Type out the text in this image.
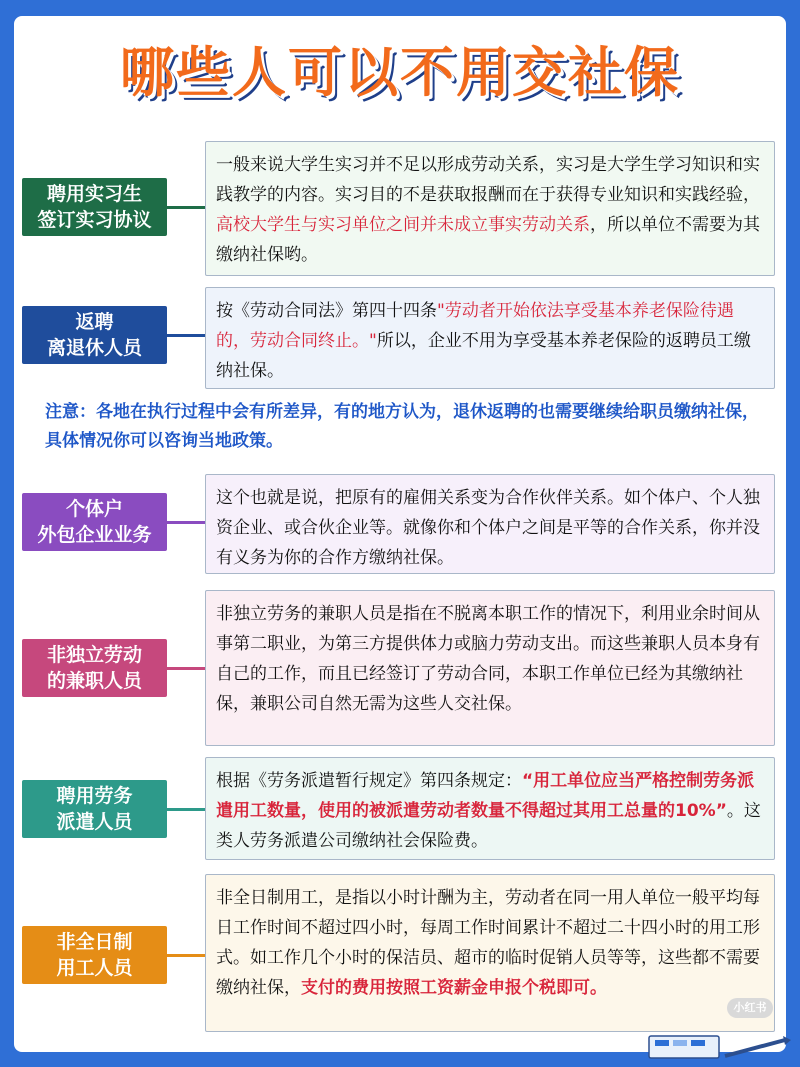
哪些人可以不用交社保
聘用实习生
签订实习协议
一般来说大学生实习并不足以形成劳动关系，实习是大学生学习知识和实践教学的内容。实习目的不是获取报酬而在于获得专业知识和实践经验，高校大学生与实习单位之间并未成立事实劳动关系，所以单位不需要为其缴纳社保哟。
返聘
离退休人员
按《劳动合同法》第四十四条"劳动者开始依法享受基本养老保险待遇的，劳动合同终止。"所以，企业不用为享受基本养老保险的返聘员工缴纳社保。
注意：各地在执行过程中会有所差异，有的地方认为，退休返聘的也需要继续给职员缴纳社保，具体情况你可以咨询当地政策。
个体户
外包企业业务
这个也就是说，把原有的雇佣关系变为合作伙伴关系。如个体户、个人独资企业、或合伙企业等。就像你和个体户之间是平等的合作关系，你并没有义务为你的合作方缴纳社保。
非独立劳动
的兼职人员
非独立劳务的兼职人员是指在不脱离本职工作的情况下，利用业余时间从事第二职业，为第三方提供体力或脑力劳动支出。而这些兼职人员本身有自己的工作，而且已经签订了劳动合同，本职工作单位已经为其缴纳社保，兼职公司自然无需为这些人交社保。
聘用劳务
派遣人员
根据《劳务派遣暂行规定》第四条规定：“用工单位应当严格控制劳务派遣用工数量，使用的被派遣劳动者数量不得超过其用工总量的10%”。这类人劳务派遣公司缴纳社会保险费。
非全日制
用工人员
非全日制用工，是指以小时计酬为主，劳动者在同一用人单位一般平均每日工作时间不超过四小时，每周工作时间累计不超过二十四小时的用工形式。如工作几个小时的保洁员、超市的临时促销人员等等，这些都不需要缴纳社保，支付的费用按照工资薪金申报个税即可。
小红书
